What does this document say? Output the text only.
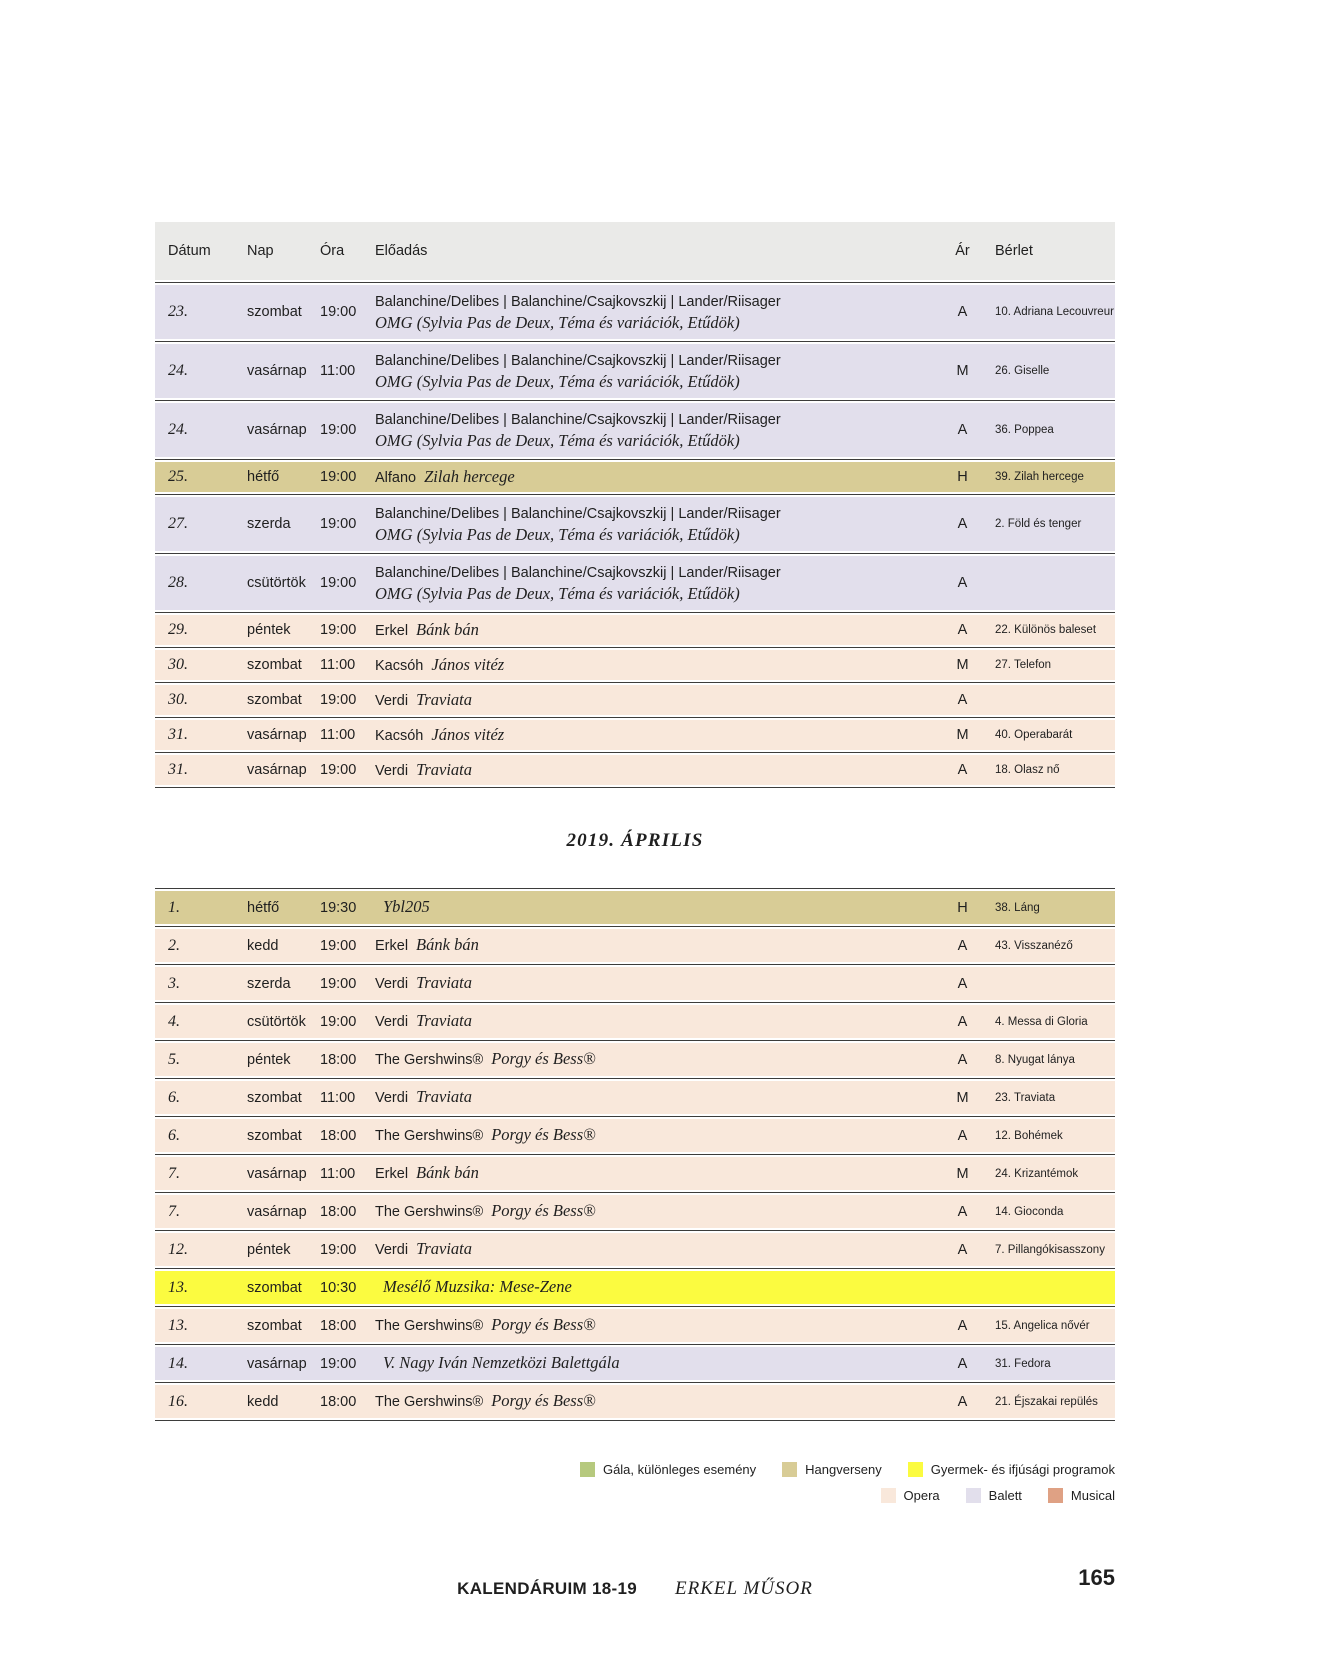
Dátum	Nap	Óra	Előadás	Ár	Bérlet
23.	szombat	19:00
Balanchine/Delibes | Balanchine/Csajkovszkij | Lander/Riisager
OMG (Sylvia Pas de Deux, Téma és variációk, Etűdök)
A	10. Adriana Lecouvreur
24.	vasárnap 11:00
Balanchine/Delibes | Balanchine/Csajkovszkij | Lander/Riisager
OMG (Sylvia Pas de Deux, Téma és variációk, Etűdök)
M	26. Giselle
24.	vasárnap 19:00
Balanchine/Delibes | Balanchine/Csajkovszkij | Lander/Riisager
OMG (Sylvia Pas de Deux, Téma és variációk, Etűdök)
A	36. Poppea
25.	hétfő	19:00	Alfano Zilah hercege	H	39. Zilah hercege
27.	szerda	19:00
Balanchine/Delibes | Balanchine/Csajkovszkij | Lander/Riisager
OMG (Sylvia Pas de Deux, Téma és variációk, Etűdök)
A	2. Föld és tenger
28.	csütörtök 19:00
Balanchine/Delibes | Balanchine/Csajkovszkij | Lander/Riisager
OMG (Sylvia Pas de Deux, Téma és variációk, Etűdök)
A
29.	péntek	19:00	Erkel Bánk bán	A	22. Különös baleset
30.	szombat	11:00	Kacsóh János vitéz	M	27. Telefon
30.	szombat	19:00	Verdi Traviata	A
31.	vasárnap 11:00	Kacsóh János vitéz	M	40. Operabarát
31.	vasárnap 19:00	Verdi Traviata	A	18. Olasz nő
2019. ÁPRILIS
1.	hétfő	19:30	Ybl205	H	38. Láng
2.	kedd	19:00	Erkel Bánk bán	A	43. Visszanéző
3.	szerda	19:00	Verdi Traviata	A
4.	csütörtök 19:00	Verdi Traviata	A	4. Messa di Gloria
5.	péntek	18:00	The Gershwins® Porgy és Bess®	A	8. Nyugat lánya
6.	szombat	11:00	Verdi Traviata	M	23. Traviata
6.	szombat	18:00	The Gershwins® Porgy és Bess®	A	12. Bohémek
7.	vasárnap 11:00	Erkel Bánk bán	M	24. Krizantémok
7.	vasárnap 18:00	The Gershwins® Porgy és Bess®	A	14. Gioconda
12.	péntek	19:00	Verdi Traviata	A	7. Pillangókisasszony
13.	szombat	10:30	Mesélő Muzsika: Mese-Zene
13.	szombat	18:00	The Gershwins® Porgy és Bess®	A	15. Angelica nővér
14.	vasárnap 19:00	V. Nagy Iván Nemzetközi Balettgála	A	31. Fedora
16.	kedd	18:00	The Gershwins® Porgy és Bess®	A	21. Éjszakai repülés
Gála, különleges esemény	Hangverseny	Gyermek- és ifjúsági programok
Opera	Balett	Musical
KALENDÁRUIM 18-19 ERKEL MŰSOR	165
